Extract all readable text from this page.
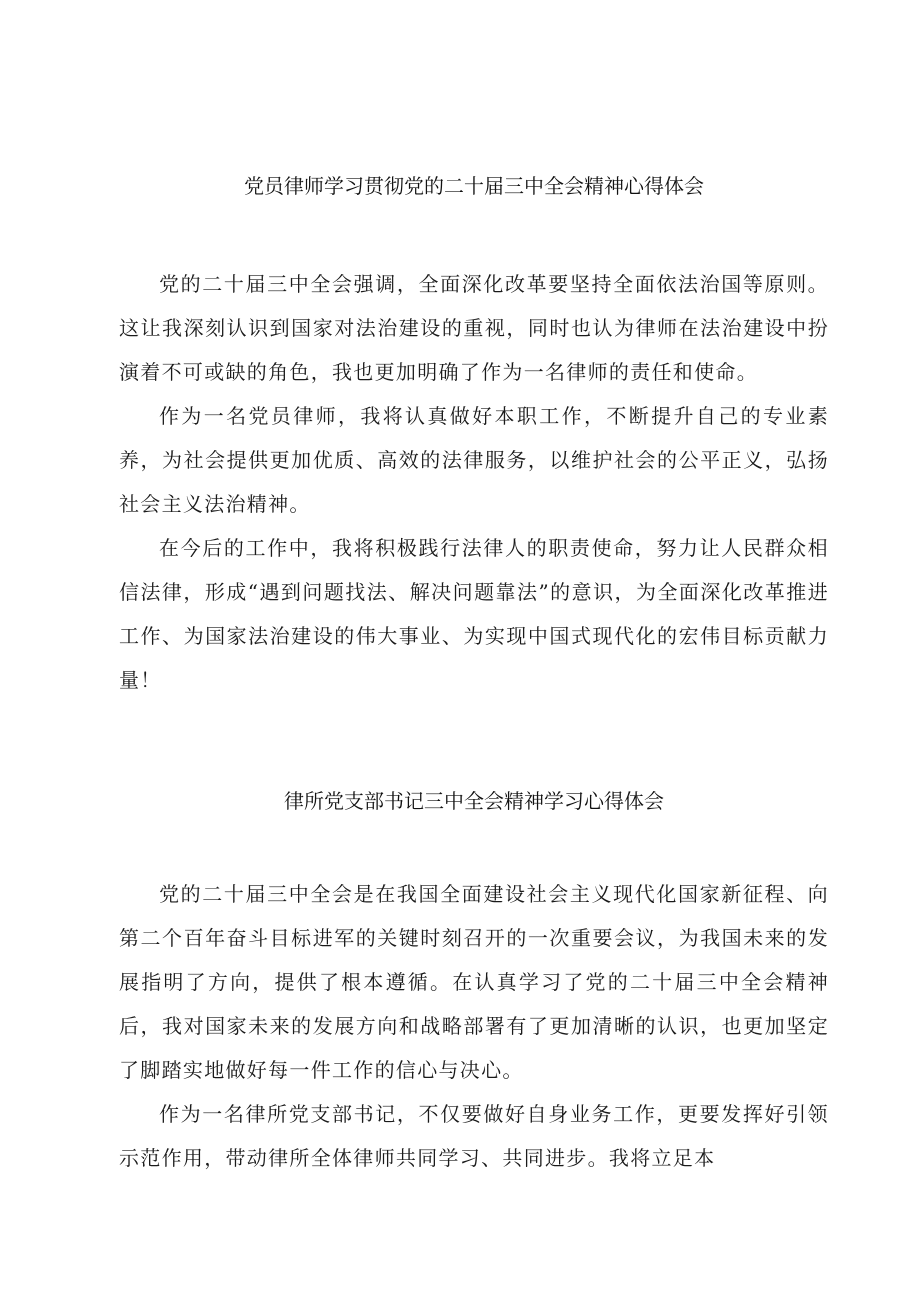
党员律师学习贯彻党的二十届三中全会精神心得体会

党的二十届三中全会强调，全面深化改革要坚持全面依法治国等原则。这让我深刻认识到国家对法治建设的重视，同时也认为律师在法治建设中扮演着不可或缺的角色，我也更加明确了作为一名律师的责任和使命。

作为一名党员律师，我将认真做好本职工作，不断提升自己的专业素养，为社会提供更加优质、高效的法律服务，以维护社会的公平正义，弘扬社会主义法治精神。

在今后的工作中，我将积极践行法律人的职责使命，努力让人民群众相信法律，形成“遇到问题找法、解决问题靠法”的意识，为全面深化改革推进工作、为国家法治建设的伟大事业、为实现中国式现代化的宏伟目标贡献力量！

律所党支部书记三中全会精神学习心得体会

党的二十届三中全会是在我国全面建设社会主义现代化国家新征程、向第二个百年奋斗目标进军的关键时刻召开的一次重要会议，为我国未来的发展指明了方向，提供了根本遵循。在认真学习了党的二十届三中全会精神后，我对国家未来的发展方向和战略部署有了更加清晰的认识，也更加坚定了脚踏实地做好每一件工作的信心与决心。

作为一名律所党支部书记，不仅要做好自身业务工作，更要发挥好引领示范作用，带动律所全体律师共同学习、共同进步。我将立足本
